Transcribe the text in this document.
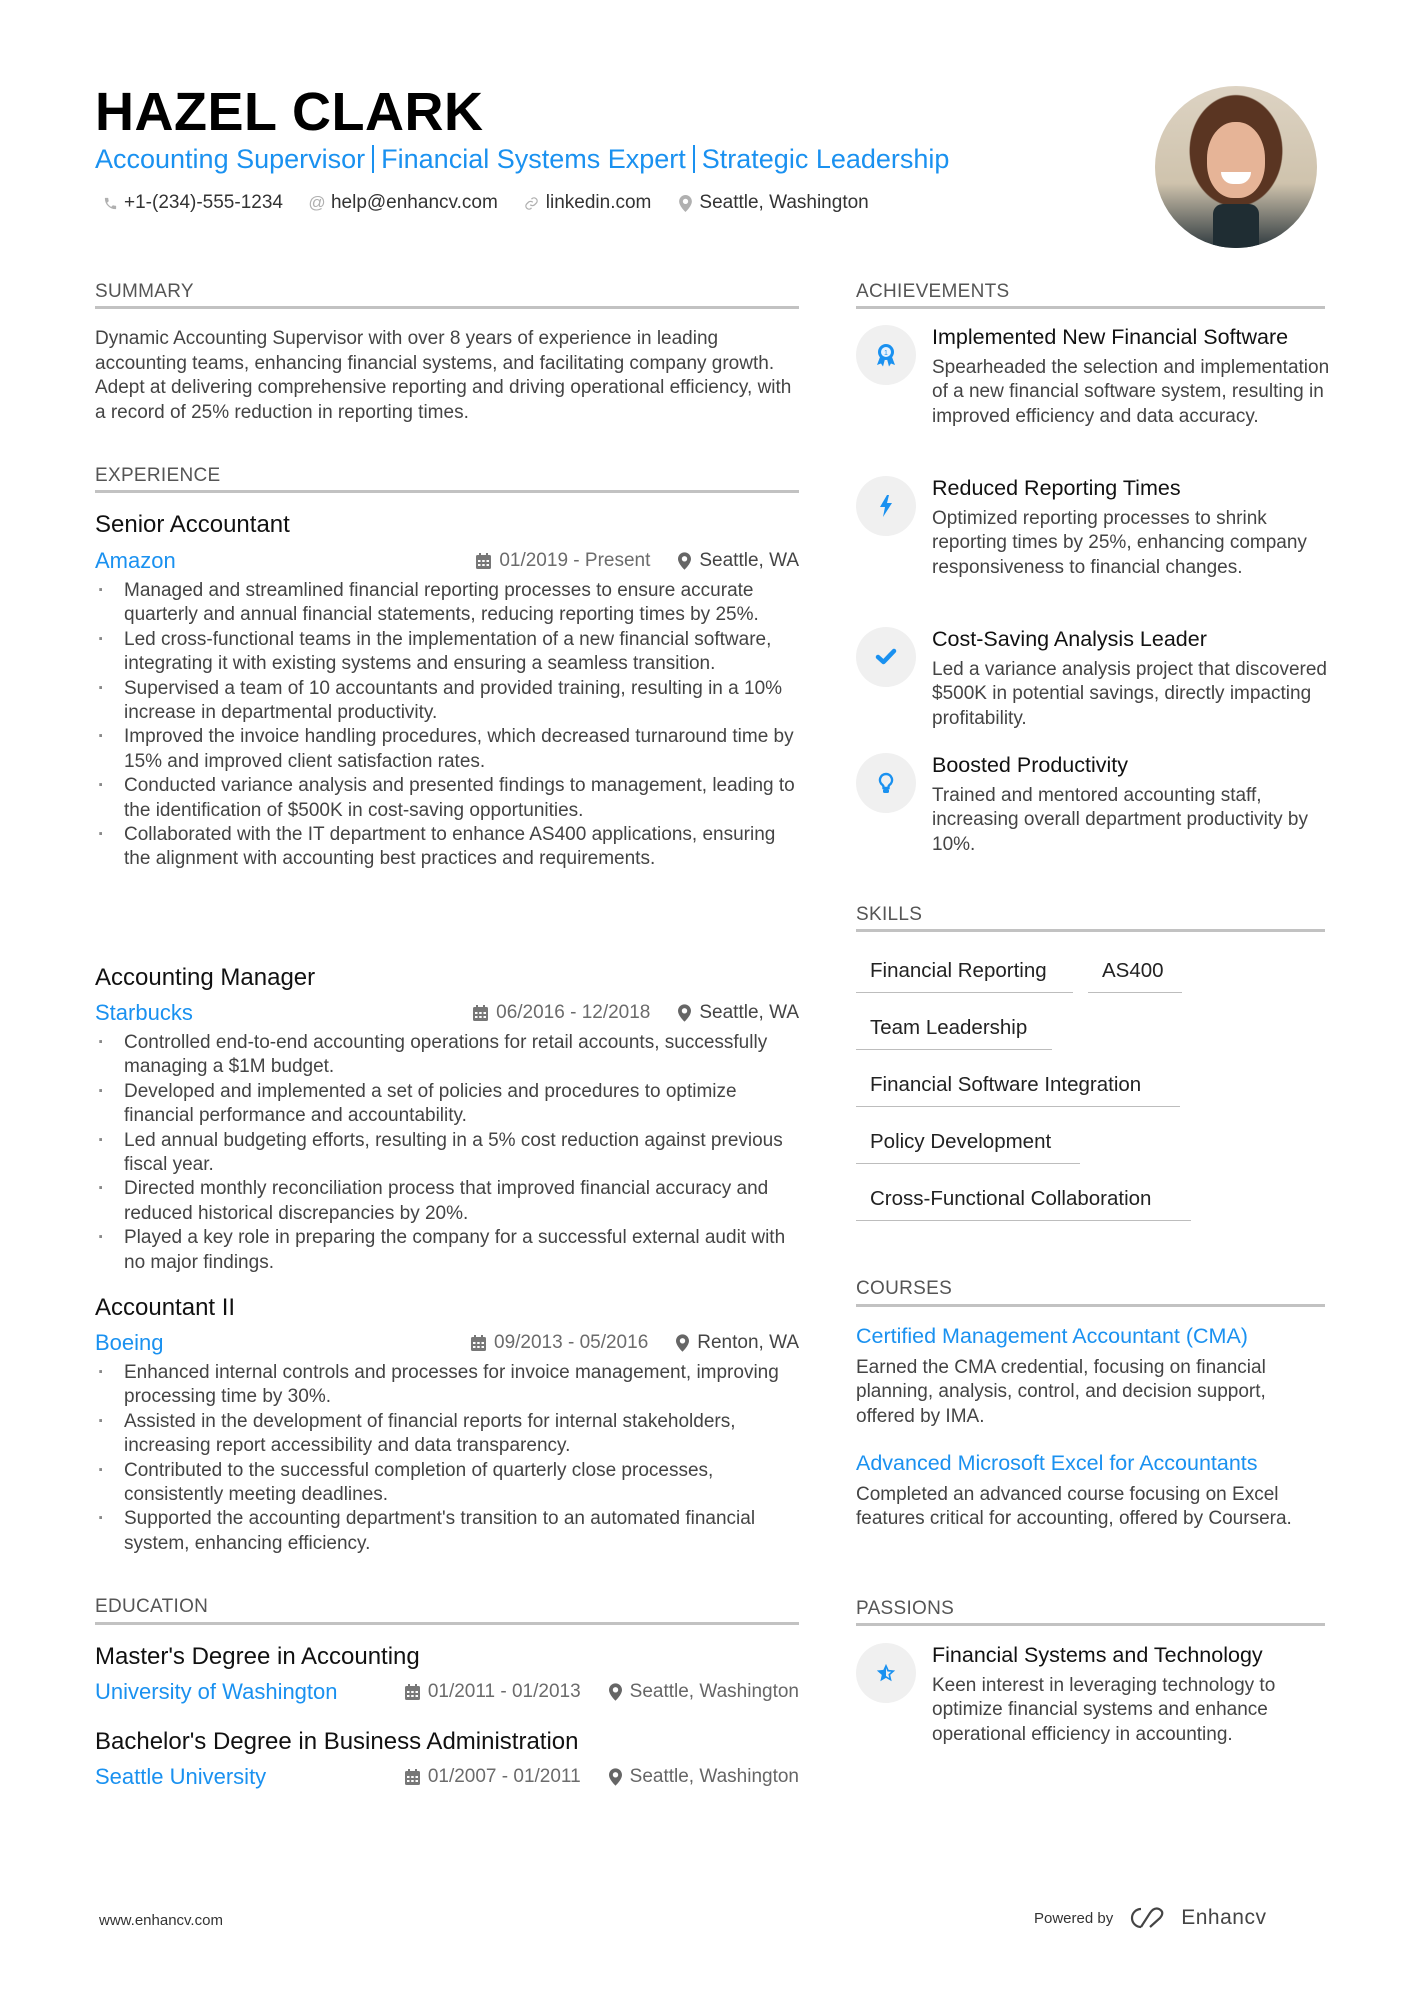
HAZEL CLARK
Accounting Supervisor Financial Systems Expert Strategic Leadership
+1-(234)-555-1234 @ help@enhancv.com	linkedin.com	Seattle, Washington
SUMMARY
Dynamic Accounting Supervisor with over 8 years of experience in leading accounting teams, enhancing financial systems, and facilitating company growth. Adept at delivering comprehensive reporting and driving operational efficiency, with a record of 25% reduction in reporting times.
EXPERIENCE
Senior Accountant
Amazon	01/2019 - Present	Seattle, WA
· Managed and streamlined financial reporting processes to ensure accurate quarterly and annual financial statements, reducing reporting times by 25%.
· Led cross-functional teams in the implementation of a new financial software, integrating it with existing systems and ensuring a seamless transition.
· Supervised a team of 10 accountants and provided training, resulting in a 10% increase in departmental productivity.
· Improved the invoice handling procedures, which decreased turnaround time by 15% and improved client satisfaction rates.
· Conducted variance analysis and presented findings to management, leading to the identification of $500K in cost-saving opportunities.
· Collaborated with the IT department to enhance AS400 applications, ensuring the alignment with accounting best practices and requirements.
Accounting Manager
Starbucks	06/2016 - 12/2018	Seattle, WA
· Controlled end-to-end accounting operations for retail accounts, successfully managing a $1M budget.
· Developed and implemented a set of policies and procedures to optimize financial performance and accountability.
· Led annual budgeting efforts, resulting in a 5% cost reduction against previous fiscal year.
· Directed monthly reconciliation process that improved financial accuracy and reduced historical discrepancies by 20%.
· Played a key role in preparing the company for a successful external audit with no major findings.
Accountant II
Boeing	09/2013 - 05/2016	Renton, WA
· Enhanced internal controls and processes for invoice management, improving processing time by 30%.
· Assisted in the development of financial reports for internal stakeholders, increasing report accessibility and data transparency.
· Contributed to the successful completion of quarterly close processes, consistently meeting deadlines.
· Supported the accounting department's transition to an automated financial system, enhancing efficiency.
EDUCATION
Master's Degree in Accounting
University of Washington	01/2011 - 01/2013	Seattle, Washington
Bachelor's Degree in Business Administration
Seattle University	01/2007 - 01/2011	Seattle, Washington
ACHIEVEMENTS
1
Implemented New Financial Software
Spearheaded the selection and implementation of a new financial software system, resulting in improved efficiency and data accuracy.
Reduced Reporting Times
Optimized reporting processes to shrink reporting times by 25%, enhancing company responsiveness to financial changes.
Cost-Saving Analysis Leader
Led a variance analysis project that discovered $500K in potential savings, directly impacting profitability.
Boosted Productivity
Trained and mentored accounting staff, increasing overall department productivity by 10%.
SKILLS
Financial Reporting	AS400
Team Leadership
Financial Software Integration
Policy Development
Cross-Functional Collaboration
COURSES
Certified Management Accountant (CMA)
Earned the CMA credential, focusing on financial planning, analysis, control, and decision support, offered by IMA.
Advanced Microsoft Excel for Accountants
Completed an advanced course focusing on Excel features critical for accounting, offered by Coursera.
PASSIONS
Financial Systems and Technology
Keen interest in leveraging technology to optimize financial systems and enhance operational efficiency in accounting.
www.enhancv.com	Powered by	Enhancv
